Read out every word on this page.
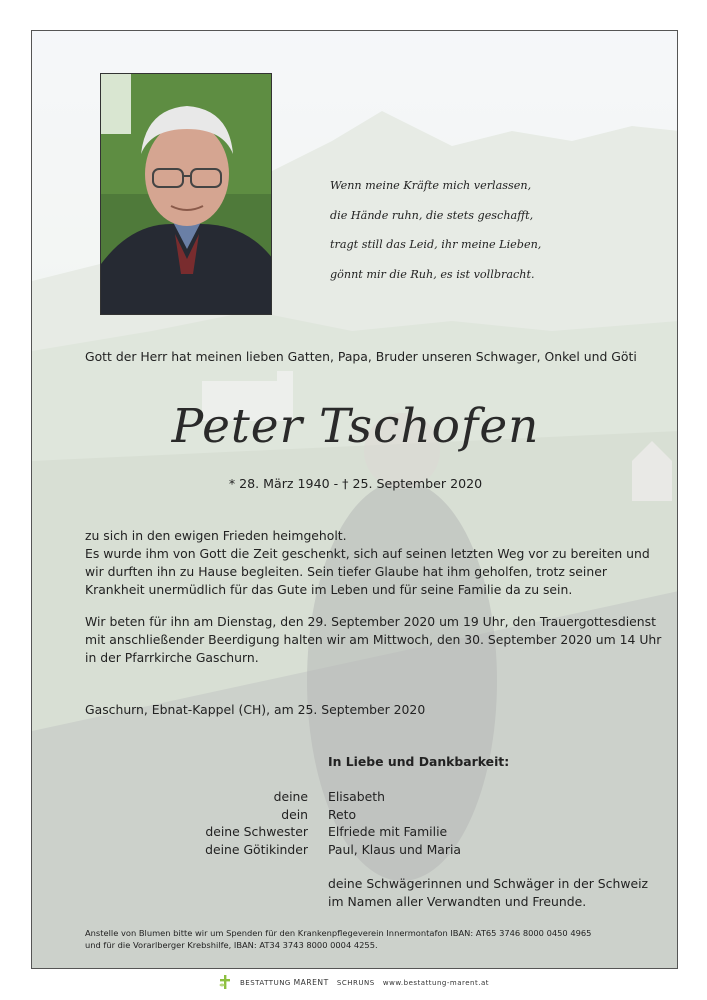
Wenn meine Kräfte mich verlassen,
die Hände ruhn, die stets geschafft,
tragt still das Leid, ihr meine Lieben,
gönnt mir die Ruh, es ist vollbracht.
Gott der Herr hat meinen lieben Gatten, Papa, Bruder unseren Schwager, Onkel und Göti
Peter Tschofen
* 28. März 1940 - † 25. September 2020
zu sich in den ewigen Frieden heimgeholt.
Es wurde ihm von Gott die Zeit geschenkt, sich auf seinen letzten Weg vor zu bereiten und
wir durften ihn zu Hause begleiten. Sein tiefer Glaube hat ihm geholfen, trotz seiner
Krankheit unermüdlich für das Gute im Leben und für seine Familie da zu sein.
Wir beten für ihn am Dienstag, den 29. September 2020 um 19 Uhr, den Trauergottesdienst
mit anschließender Beerdigung halten wir am Mittwoch, den 30. September 2020 um 14 Uhr
in der Pfarrkirche Gaschurn.
Gaschurn, Ebnat-Kappel (CH), am 25. September 2020
In Liebe und Dankbarkeit:
deine	Elisabeth
dein	Reto
deine Schwester	Elfriede mit Familie
deine Götikinder	Paul, Klaus und Maria
deine Schwägerinnen und Schwäger in der Schweiz
im Namen aller Verwandten und Freunde.
Anstelle von Blumen bitte wir um Spenden für den Krankenpflegeverein Innermontafon IBAN: AT65 3746 8000 0450 4965
und für die Vorarlberger Krebshilfe, IBAN: AT34 3743 8000 0004 4255.
BESTATTUNG MARENT SCHRUNS www.bestattung-marent.at
